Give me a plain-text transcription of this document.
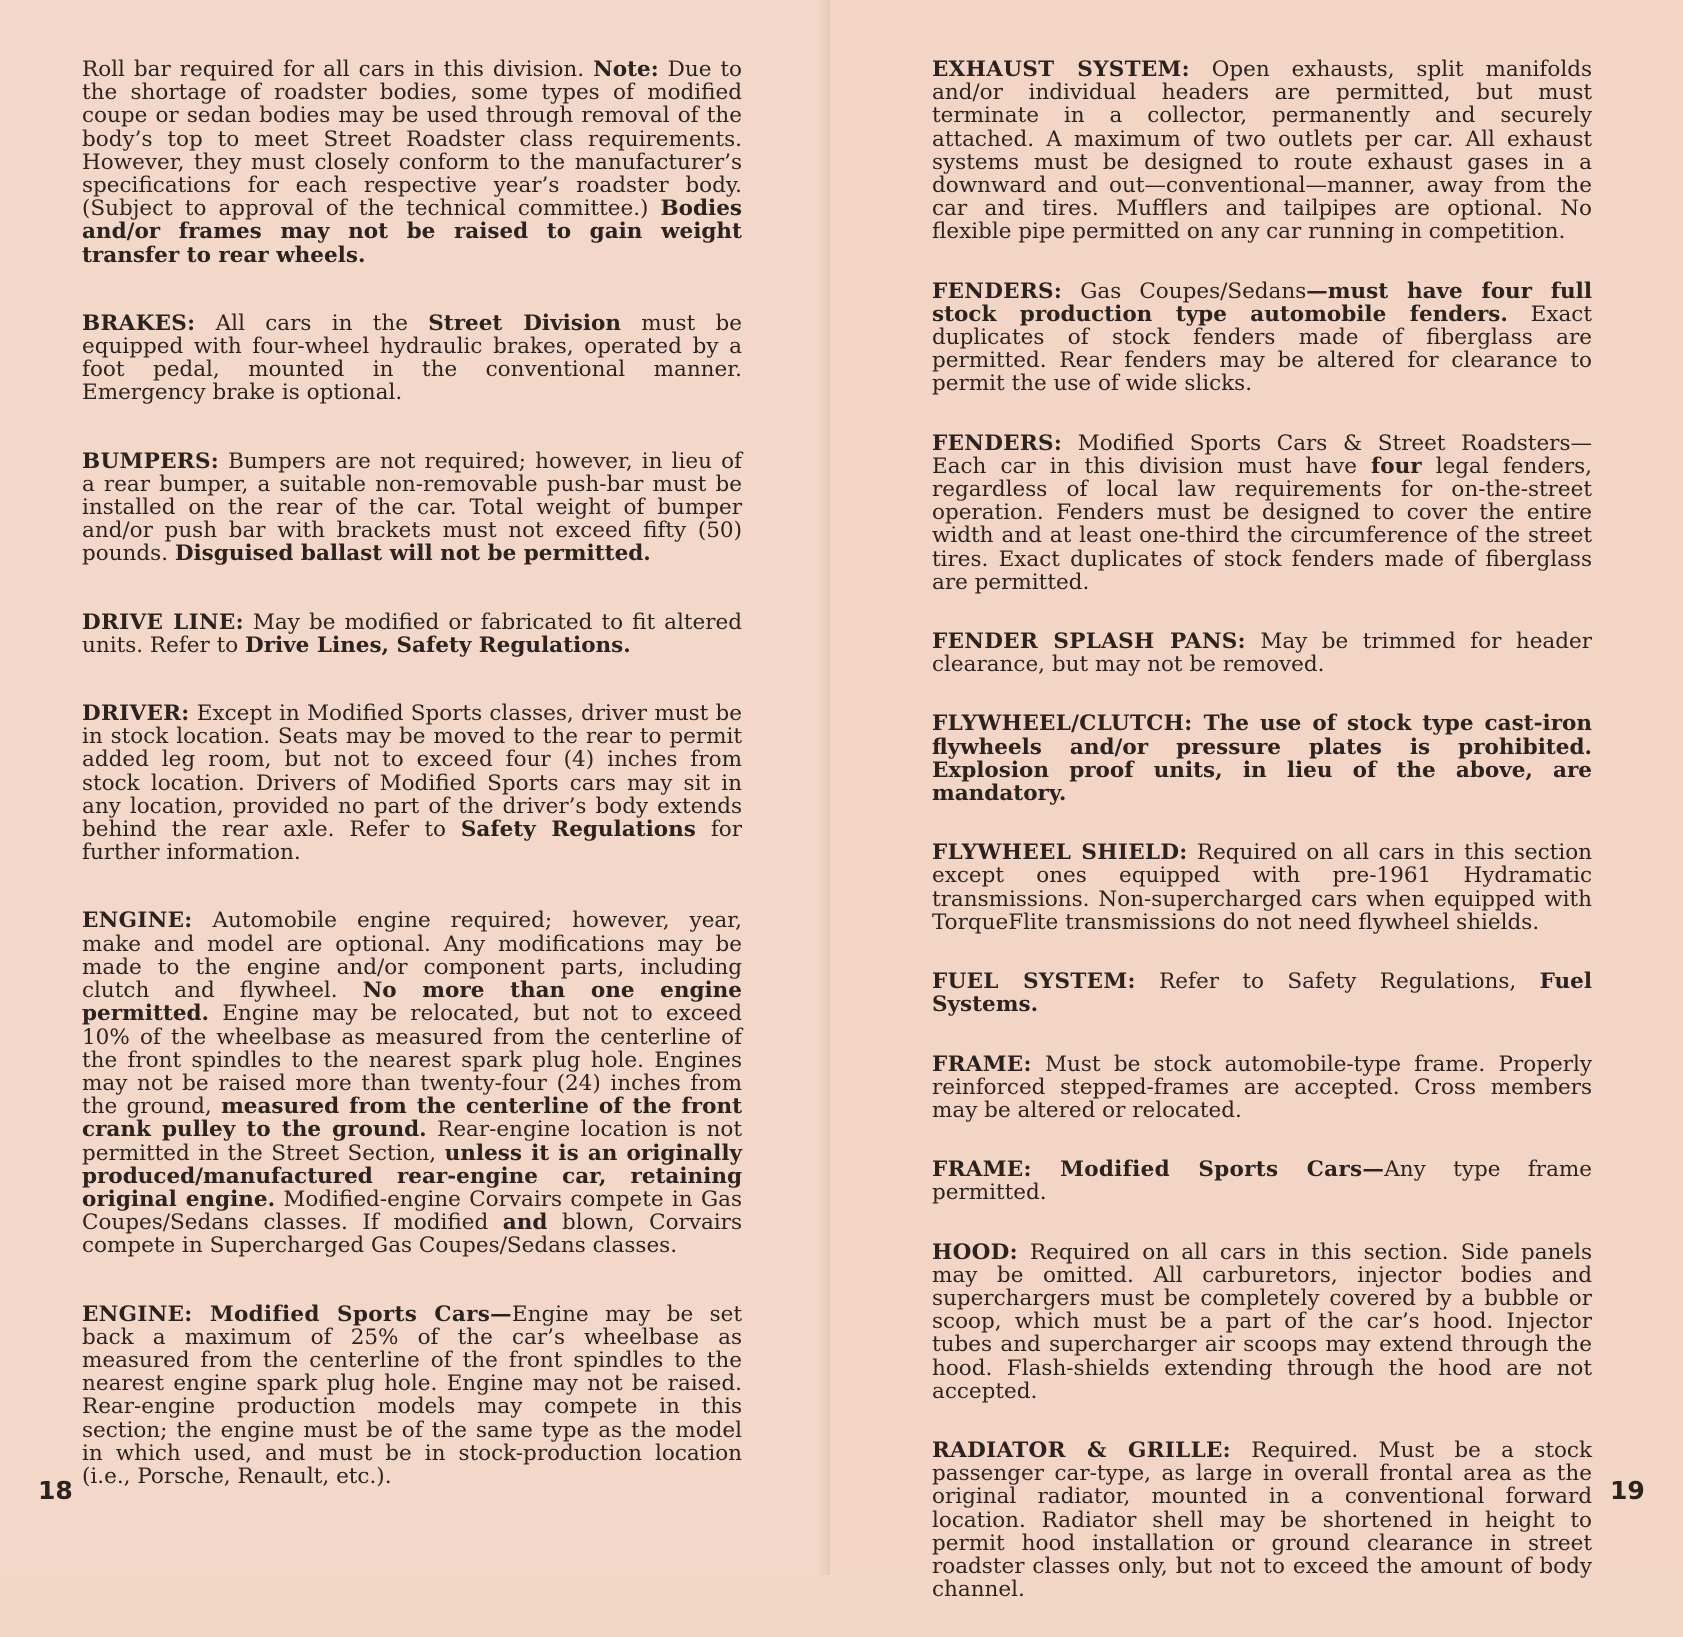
Roll bar required for all cars in this division. Note: Due to the shortage of roadster bodies, some types of modified coupe or sedan bodies may be used through removal of the body’s top to meet Street Roadster class requirements. However, they must closely conform to the manufacturer’s specifications for each respective year’s roadster body. (Subject to approval of the technical committee.) Bodies and/or frames may not be raised to gain weight transfer to rear wheels.

BRAKES: All cars in the Street Division must be equipped with four-wheel hydraulic brakes, operated by a foot pedal, mounted in the conventional manner. Emergency brake is optional.

BUMPERS: Bumpers are not required; however, in lieu of a rear bumper, a suitable non-removable push-bar must be installed on the rear of the car. Total weight of bumper and/or push bar with brackets must not exceed fifty (50) pounds. Disguised ballast will not be permitted.

DRIVE LINE: May be modified or fabricated to fit altered units. Refer to Drive Lines, Safety Regulations.

DRIVER: Except in Modified Sports classes, driver must be in stock location. Seats may be moved to the rear to permit added leg room, but not to exceed four (4) inches from stock location. Drivers of Modified Sports cars may sit in any location, provided no part of the driver’s body extends behind the rear axle. Refer to Safety Regulations for further information.

ENGINE: Automobile engine required; however, year, make and model are optional. Any modifications may be made to the engine and/or component parts, including clutch and flywheel. No more than one engine permitted. Engine may be relocated, but not to exceed 10% of the wheelbase as measured from the centerline of the front spindles to the nearest spark plug hole. Engines may not be raised more than twenty-four (24) inches from the ground, measured from the centerline of the front crank pulley to the ground. Rear-engine location is not permitted in the Street Section, unless it is an originally produced/manufactured rear-engine car, retaining original engine. Modified-engine Corvairs compete in Gas Coupes/Sedans classes. If modified and blown, Corvairs compete in Supercharged Gas Coupes/Sedans classes.

ENGINE: Modified Sports Cars—Engine may be set back a maximum of 25% of the car’s wheelbase as measured from the centerline of the front spindles to the nearest engine spark plug hole. Engine may not be raised. Rear-engine production models may compete in this section; the engine must be of the same type as the model in which used, and must be in stock-production location (i.e., Porsche, Renault, etc.).

18

EXHAUST SYSTEM: Open exhausts, split manifolds and/or individual headers are permitted, but must terminate in a collector, permanently and securely attached. A maximum of two outlets per car. All exhaust systems must be designed to route exhaust gases in a downward and out—conventional—manner, away from the car and tires. Mufflers and tailpipes are optional. No flexible pipe permitted on any car running in competition.

FENDERS: Gas Coupes/Sedans—must have four full stock production type automobile fenders. Exact duplicates of stock fenders made of fiberglass are permitted. Rear fenders may be altered for clearance to permit the use of wide slicks.

FENDERS: Modified Sports Cars & Street Roadsters—Each car in this division must have four legal fenders, regardless of local law requirements for on-the-street operation. Fenders must be designed to cover the entire width and at least one-third the circumference of the street tires. Exact duplicates of stock fenders made of fiberglass are permitted.

FENDER SPLASH PANS: May be trimmed for header clearance, but may not be removed.

FLYWHEEL/CLUTCH: The use of stock type cast-iron flywheels and/or pressure plates is prohibited. Explosion proof units, in lieu of the above, are mandatory.

FLYWHEEL SHIELD: Required on all cars in this section except ones equipped with pre-1961 Hydramatic transmissions. Non-supercharged cars when equipped with TorqueFlite transmissions do not need flywheel shields.

FUEL SYSTEM: Refer to Safety Regulations, Fuel Systems.

FRAME: Must be stock automobile-type frame. Properly reinforced stepped-frames are accepted. Cross members may be altered or relocated.

FRAME: Modified Sports Cars—Any type frame permitted.

HOOD: Required on all cars in this section. Side panels may be omitted. All carburetors, injector bodies and superchargers must be completely covered by a bubble or scoop, which must be a part of the car’s hood. Injector tubes and supercharger air scoops may extend through the hood. Flash-shields extending through the hood are not accepted.

RADIATOR & GRILLE: Required. Must be a stock passenger car-type, as large in overall frontal area as the original radiator, mounted in a conventional forward location. Radiator shell may be shortened in height to permit hood installation or ground clearance in street roadster classes only, but not to exceed the amount of body channel.

19
